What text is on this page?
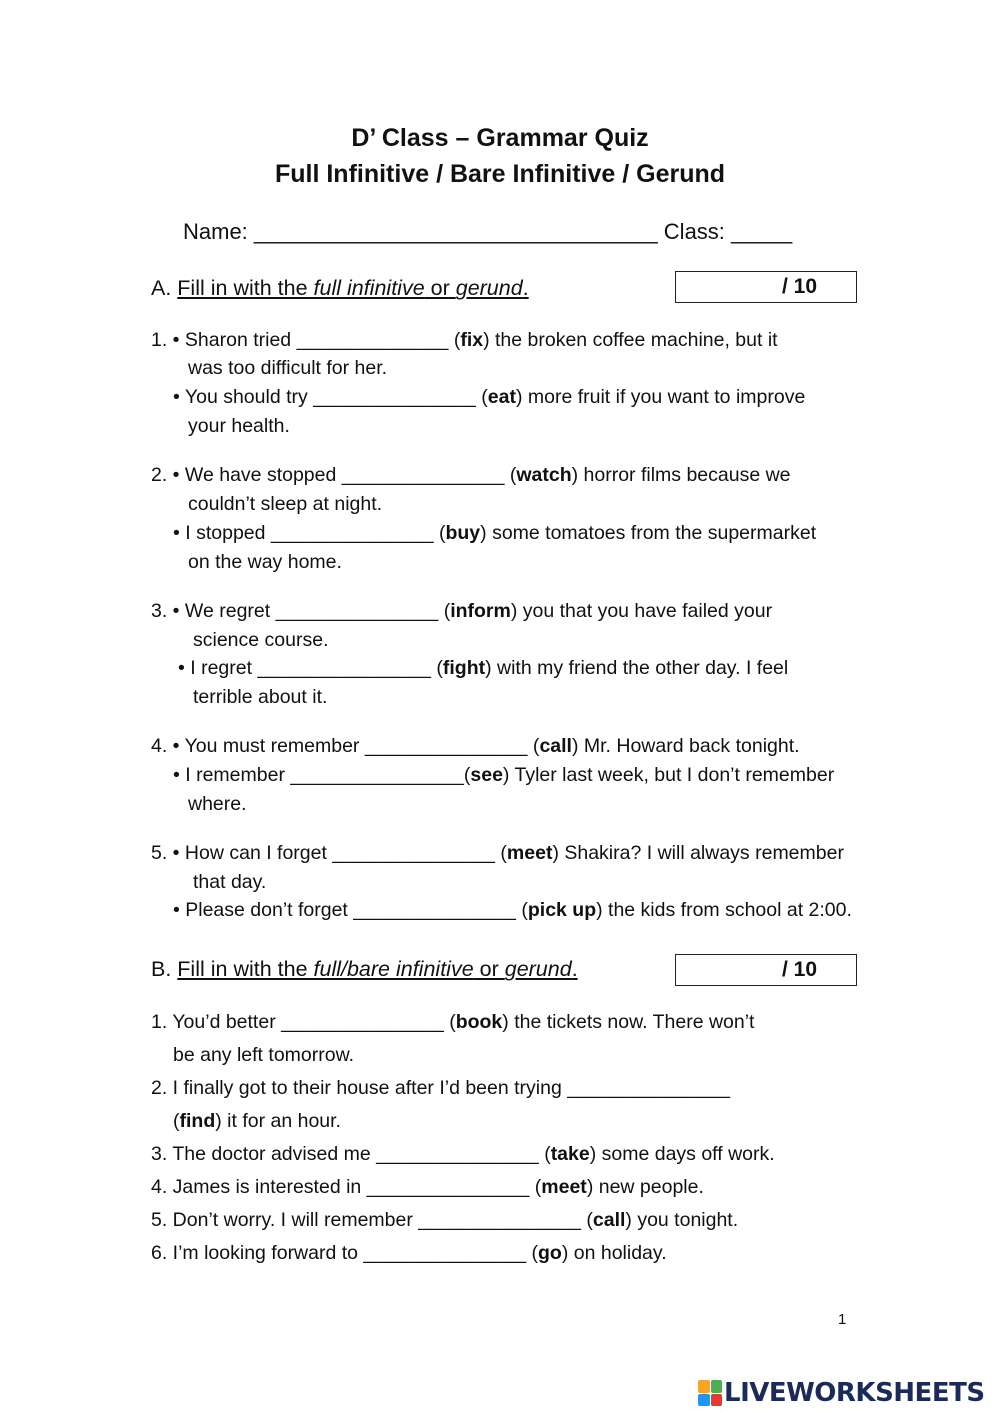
D’ Class – Grammar Quiz
Full Infinitive / Bare Infinitive / Gerund
Name: _________________________________ Class: _____
A. Fill in with the full infinitive or gerund.	/ 10
1. • Sharon tried ______________ (fix) the broken coffee machine, but it
was too difficult for her.
• You should try _______________ (eat) more fruit if you want to improve
your health.
2. • We have stopped _______________ (watch) horror films because we
couldn’t sleep at night.
• I stopped _______________ (buy) some tomatoes from the supermarket
on the way home.
3. • We regret _______________ (inform) you that you have failed your
science course.
• I regret ________________ (fight) with my friend the other day. I feel
terrible about it.
4. • You must remember _______________ (call) Mr. Howard back tonight.
• I remember ________________(see) Tyler last week, but I don’t remember
where.
5. • How can I forget _______________ (meet) Shakira? I will always remember
that day.
• Please don’t forget _______________ (pick up) the kids from school at 2:00.
B. Fill in with the full/bare infinitive or gerund.	/ 10
1. You’d better _______________ (book) the tickets now. There won’t
be any left tomorrow.
2. I finally got to their house after I’d been trying _______________
(find) it for an hour.
3. The doctor advised me _______________ (take) some days off work.
4. James is interested in _______________ (meet) new people.
5. Don’t worry. I will remember _______________ (call) you tonight.
6. I’m looking forward to _______________ (go) on holiday.
1
LIVEWORKSHEETS
